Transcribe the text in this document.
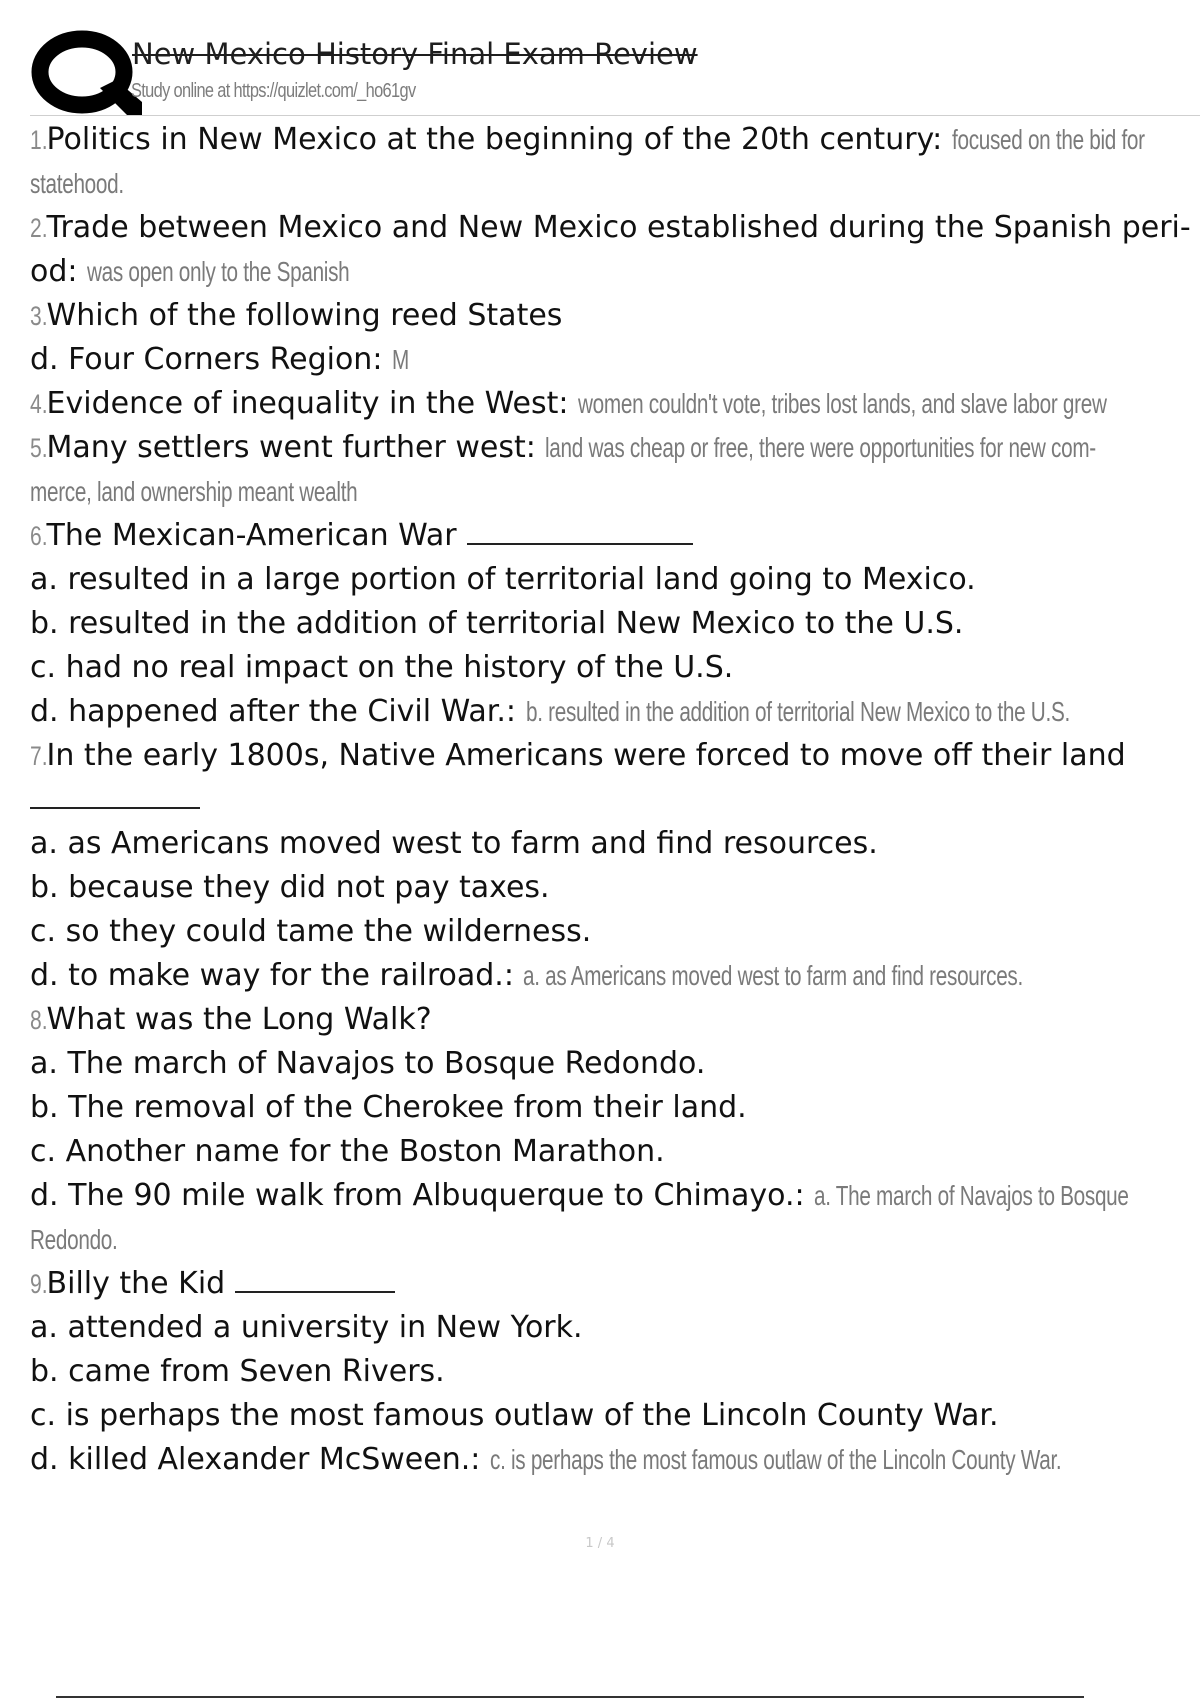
New Mexico History Final Exam Review
Study online at https://quizlet.com/_ho61gv
1.Politics in New Mexico at the beginning of the 20th century: focused on the bid for
statehood.
2.Trade between Mexico and New Mexico established during the Spanish peri-
od: was open only to the Spanish
3.Which of the following reed States
d. Four Corners Region: M
4.Evidence of inequality in the West: women couldn't vote, tribes lost lands, and slave labor grew
5.Many settlers went further west: land was cheap or free, there were opportunities for new com-
merce, land ownership meant wealth
6.The Mexican-American War
a. resulted in a large portion of territorial land going to Mexico.
b. resulted in the addition of territorial New Mexico to the U.S.
c. had no real impact on the history of the U.S.
d. happened after the Civil War.: b. resulted in the addition of territorial New Mexico to the U.S.
7.In the early 1800s, Native Americans were forced to move off their land
a. as Americans moved west to farm and find resources.
b. because they did not pay taxes.
c. so they could tame the wilderness.
d. to make way for the railroad.: a. as Americans moved west to farm and find resources.
8.What was the Long Walk?
a. The march of Navajos to Bosque Redondo.
b. The removal of the Cherokee from their land.
c. Another name for the Boston Marathon.
d. The 90 mile walk from Albuquerque to Chimayo.: a. The march of Navajos to Bosque
Redondo.
9.Billy the Kid
a. attended a university in New York.
b. came from Seven Rivers.
c. is perhaps the most famous outlaw of the Lincoln County War.
d. killed Alexander McSween.: c. is perhaps the most famous outlaw of the Lincoln County War.
1 / 4
